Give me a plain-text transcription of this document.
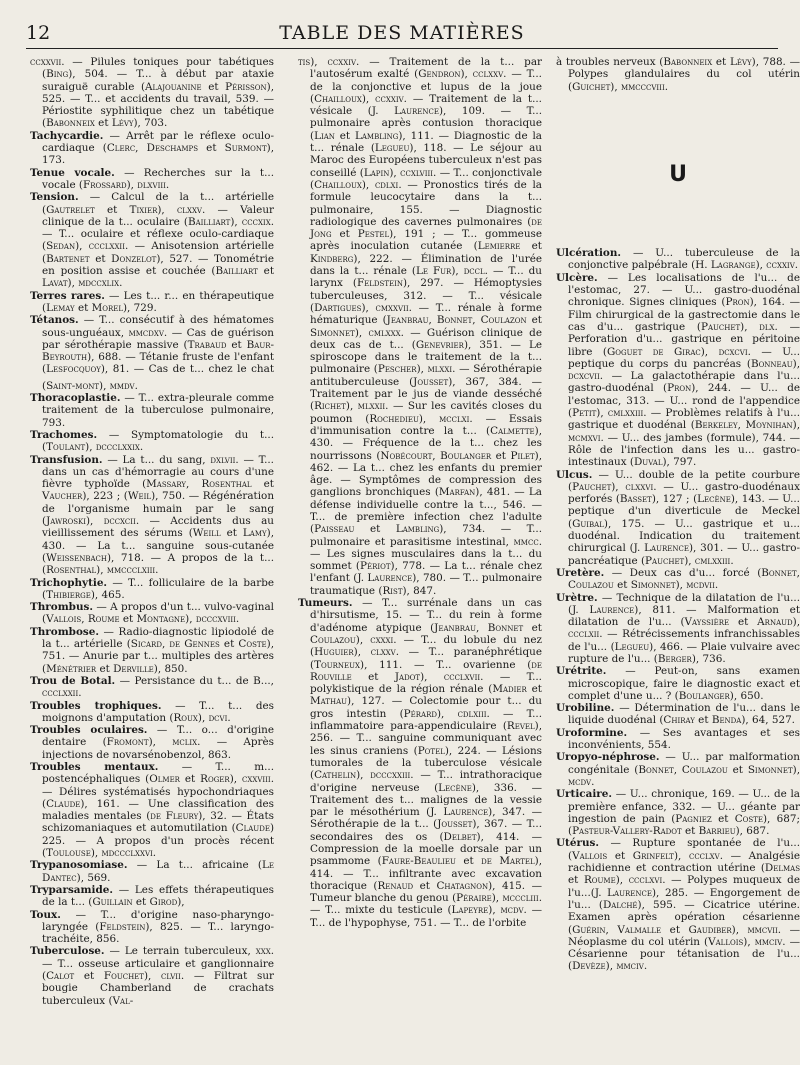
12	TABLE DES MATIÈRES

ccxxvii. — Pilules toniques pour tabétiques (Bing), 504. — T... à début par ataxie suraiguë curable (Alajouanine et Périsson), 525. — T... et accidents du travail, 539. — Périostite syphilitique chez un tabétique (Babonneix et Lévy), 703.

Tachycardie. — Arrêt par le réflexe oculo-cardiaque (Clerc, Deschamps et Surmont), 173.

Tenue vocale. — Recherches sur la t... vocale (Frossard), dlxviii.

Tension. — Calcul de la t... artérielle (Gautrelet et Tixier), clxxv. — Valeur clinique de la t... oculaire (Bailliart), cccxix. — T... oculaire et réflexe oculo-cardiaque (Sedan), ccclxxii. — Anisotension artérielle (Bartenet et Donzelot), 527. — Tonométrie en position assise et couchée (Bailliart et Lavat), mdccxlix.

Terres rares. — Les t... r... en thérapeutique (Lemay et Morel), 729.

Tétanos. — T... consécutif à des hématomes sous-unguéaux, mmcdxv. — Cas de guérison par sérothérapie massive (Trabaud et Baur-Beyrouth), 688. — Tétanie fruste de l'enfant (Lesfocquoy), 81. — Cas de t... chez le chat (Saint-mont), mmdv.

Thoracoplastie. — T... extra-pleurale comme traitement de la tuberculose pulmonaire, 793.

Trachomes. — Symptomatologie du t... (Toulant), dccclxxix.

Transfusion. — La t... du sang, dxlvii. — T... dans un cas d'hémorragie au cours d'une fièvre typhoïde (Massary, Rosenthal et Vaucher), 223 ; (Weil), 750. — Régénération de l'organisme humain par le sang (Jawroski), dccxcii. — Accidents dus au vieillissement des sérums (Weill et Lamy), 430. — La t... sanguine sous-cutanée (Weissenbach), 718. — A propos de la t... (Rosenthal), mmccclxiii.

Trichophytie. — T... folliculaire de la barbe (Thibierge), 465.

Thrombus. — A propos d'un t... vulvo-vaginal (Vallois, Roume et Montagne), dcccxviii.

Thrombose. — Radio-diagnostic lipiodolé de la t... artérielle (Sicard, de Gennes et Coste), 751. — Anurie par t... multiples des artères (Ménétrier et Derville), 850.

Trou de Botal. — Persistance du t... de B..., ccclxxii.

Troubles trophiques. — T... t... des moignons d'amputation (Roux), dcvi.

Troubles oculaires. — T... o... d'origine dentaire (Fromont), mclix. — Après injections de novarsénobenzol, 863.

Troubles mentaux. — T... m... postencéphaliques (Olmer et Roger), cxxviii. — Délires systématisés hypochondriaques (Claude), 161. — Une classification des maladies mentales (de Fleury), 32. — États schizomaniaques et automutilation (Claude) 225. — A propos d'un procès récent (Toulouse), mdccclxxvi.

Trypanosomiase. — La t... africaine (Le Dantec), 569.

Tryparsamide. — Les effets thérapeutiques de la t... (Guillain et Girod),

Toux. — T... d'origine naso-pharyngo-laryngée (Feldstein), 825. — T... laryngo-trachéite, 856.

Tuberculose. — Le terrain tuberculeux, xxx. — T... osseuse articulaire et ganglionnaire (Calot et Fouchet), clvii. — Filtrat sur bougie Chamberland de crachats tuberculeux (Val-

tis), ccxxiv. — Traitement de la t... par l'autosérum exalté (Gendron), cclxxv. — T... de la conjonctive et lupus de la joue (Chailloux), ccxxiv. — Traitement de la t... vésicale (J. Laurence), 109. — T... pulmonaire après contusion thoracique (Lian et Lambling), 111. — Diagnostic de la t... rénale (Legueu), 118. — Le séjour au Maroc des Européens tuberculeux n'est pas conseillé (Lapin), ccxlviii. — T... conjonctivale (Chailloux), cdlxi. — Pronostics tirés de la formule leucocytaire dans la t... pulmonaire, 155. — Diagnostic radiologique des cavernes pulmonaires (de Jong et Pestel), 191 ; — T... gommeuse après inoculation cutanée (Lemierre et Kindberg), 222. — Élimination de l'urée dans la t... rénale (Le Fur), dccl. — T... du larynx (Feldstein), 297. — Hémoptysies tuberculeuses, 312. — T... vésicale (Dartigues), cmxxvii. — T... rénale à forme hématurique (Jeanbrau, Bonnet, Coulazon et Simonnet), cmlxxx. — Guérison clinique de deux cas de t... (Genevrier), 351. — Le spiroscope dans le traitement de la t... pulmonaire (Pescher), mlxxi. — Sérothérapie antituberculeuse (Jousset), 367, 384. — Traitement par le jus de viande desséché (Richet), mlxxii. — Sur les cavités closes du poumon (Rochedieu), mcclxi. — Essais d'immunisation contre la t... (Calmette), 430. — Fréquence de la t... chez les nourrissons (Nobécourt, Boulanger et Pilet), 462. — La t... chez les enfants du premier âge. — Symptômes de compression des ganglions bronchiques (Marfan), 481. — La défense individuelle contre la t..., 546. — T... de première infection chez l'adulte (Paisseau et Lambling), 734. — T... pulmonaire et parasitisme intestinal, mmcc. — Les signes musculaires dans la t... du sommet (Périot), 778. — La t... rénale chez l'enfant (J. Laurence), 780. — T... pulmonaire traumatique (Rist), 847.

Tumeurs. — T... surrénale dans un cas d'hirsutisme, 15. — T... du rein à forme d'adénome atypique (Jeanbrau, Bonnet et Coulazou), cxxxi. — T... du lobule du nez (Huguier), clxxv. — T... paranéphrétique (Tourneux), 111. — T... ovarienne (de Rouville et Jadot), ccclxvii. — T... polykistique de la région rénale (Madier et Mathau), 127. — Colectomie pour t... du gros intestin (Pérard), cdlxiii. — T... inflammatoire para-appendiculaire (Revel), 256. — T... sanguine communiquant avec les sinus craniens (Potel), 224. — Lésions tumorales de la tuberculose vésicale (Cathelin), dcccxxiii. — T... intrathoracique d'origine nerveuse (Lecène), 336. — Traitement des t... malignes de la vessie par le mésothérium (J. Laurence), 347. — Sérothérapie de la t... (Jousset), 367. — T... secondaires des os (Delbet), 414. — Compression de la moelle dorsale par un psammome (Faure-Beaulieu et de Martel), 414. — T... infiltrante avec excavation thoracique (Renaud et Chatagnon), 415. — Tumeur blanche du genou (Péraire), mcccliii. — T... mixte du testicule (Lapeyre), mcdv. — T... de l'hypophyse, 751. — T... de l'orbite

à troubles nerveux (Babonneix et Lévy), 788. — Polypes glandulaires du col utérin (Guichet), mmcccviii.

U

Ulcération. — U... tuberculeuse de la conjonctive palpébrale (H. Lagrange), ccxxiv.

Ulcère. — Les localisations de l'u... de l'estomac, 27. — U... gastro-duodénal chronique. Signes cliniques (Pron), 164. — Film chirurgical de la gastrectomie dans le cas d'u... gastrique (Pauchet), dlx. — Perforation d'u... gastrique en péritoine libre (Goguet de Girac), dcxcvi. — U... peptique du corps du pancréas (Bonneau), dcxcvii. — La galactothérapie dans l'u... gastro-duodénal (Pron), 244. — U... de l'estomac, 313. — U... rond de l'appendice (Petit), cmlxxiii. — Problèmes relatifs à l'u... gastrique et duodénal (Berkeley, Moynihan), mcmxvi. — U... des jambes (formule), 744. — Rôle de l'infection dans les u... gastro-intestinaux (Duval), 797.

Ulcus. — U... double de la petite courbure (Pauchet), clxxvi. — U... gastro-duodénaux perforés (Basset), 127 ; (Lecène), 143. — U... peptique d'un diverticule de Meckel (Guibal), 175. — U... gastrique et u... duodénal. Indication du traitement chirurgical (J. Laurence), 301. — U... gastro-pancréatique (Pauchet), cmlxxiii.

Uretère. — Deux cas d'u... forcé (Bonnet, Coulazou et Simonnet), mcdvii.

Urètre. — Technique de la dilatation de l'u... (J. Laurence), 811. — Malformation et dilatation de l'u... (Vayssière et Arnaud), ccclxii. — Rétrécissements infranchissables de l'u... (Legueu), 466. — Plaie vulvaire avec rupture de l'u... (Berger), 736.

Urétrite. — Peut-on, sans examen microscopique, faire le diagnostic exact et complet d'une u... ? (Boulanger), 650.

Urobiline. — Détermination de l'u... dans le liquide duodénal (Chiray et Benda), 64, 527.

Uroformine. — Ses avantages et ses inconvénients, 554.

Uropyo-néphrose. — U... par malformation congénitale (Bonnet, Coulazou et Simonnet), mcdv.

Urticaire. — U... chronique, 169. — U... de la première enfance, 332. — U... géante par ingestion de pain (Pagniez et Coste), 687; (Pasteur-Vallery-Radot et Barrieu), 687.

Utérus. — Rupture spontanée de l'u... (Vallois et Grinfelt), ccclxv. — Analgésie rachidienne et contraction utérine (Delmas et Roume), ccclxvi. — Polypes muqueux de l'u...(J. Laurence), 285. — Engorgement de l'u... (Dalché), 595. — Cicatrice utérine. Examen après opération césarienne (Guérin, Valmalle et Gaudiber), mmcvii. — Néoplasme du col utérin (Vallois), mmciv. — Césarienne pour tétanisation de l'u... (Devèze), mmciv.
